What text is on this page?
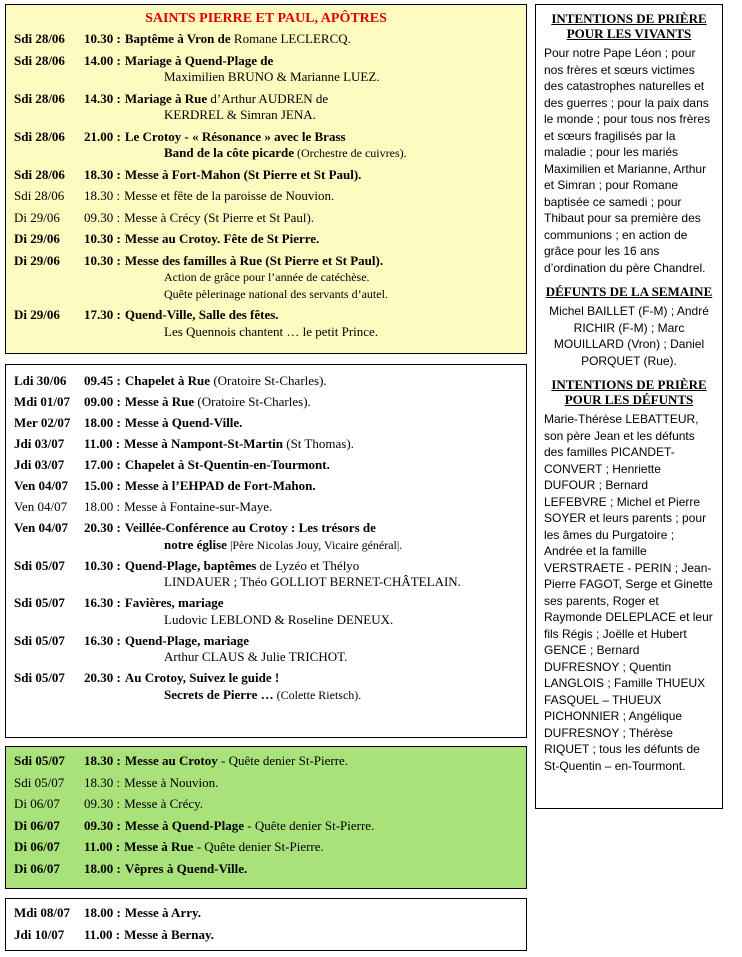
SAINTS PIERRE ET PAUL, APÔTRES
Sdi 28/06 10.30 : Baptême à Vron de Romane LECLERCQ.
Sdi 28/06 14.00 : Mariage à Quend-Plage de
Maximilien BRUNO & Marianne LUEZ.
Sdi 28/06 14.30 : Mariage à Rue d’Arthur AUDREN de
KERDREL & Simran JENA.
Sdi 28/06 21.00 : Le Crotoy - « Résonance » avec le Brass
Band de la côte picarde (Orchestre de cuivres).
Sdi 28/06 18.30 : Messe à Fort-Mahon (St Pierre et St Paul).
Sdi 28/06 18.30 : Messe et fête de la paroisse de Nouvion.
Di 29/06 09.30 : Messe à Crécy (St Pierre et St Paul).
Di 29/06 10.30 : Messe au Crotoy. Fête de St Pierre.
Di 29/06 10.30 : Messe des familles à Rue (St Pierre et St Paul).
Action de grâce pour l’année de catéchèse.
Quête pèlerinage national des servants d’autel.
Di 29/06 17.30 : Quend-Ville, Salle des fêtes.
Les Quennois chantent … le petit Prince.
Ldi 30/06 09.45 : Chapelet à Rue (Oratoire St-Charles).
Mdi 01/07 09.00 : Messe à Rue (Oratoire St-Charles).
Mer 02/07 18.00 : Messe à Quend-Ville.
Jdi 03/07 11.00 : Messe à Nampont-St-Martin (St Thomas).
Jdi 03/07 17.00 : Chapelet à St-Quentin-en-Tourmont.
Ven 04/07 15.00 : Messe à l’EHPAD de Fort-Mahon.
Ven 04/07 18.00 : Messe à Fontaine-sur-Maye.
Ven 04/07 20.30 : Veillée-Conférence au Crotoy : Les trésors de
notre église |Père Nicolas Jouy, Vicaire général|.
Sdi 05/07 10.30 : Quend-Plage, baptêmes de Lyzéo et Thélyo
LINDAUER ; Théo GOLLIOT BERNET-CHÂTELAIN.
Sdi 05/07 16.30 : Favières, mariage
Ludovic LEBLOND & Roseline DENEUX.
Sdi 05/07 16.30 : Quend-Plage, mariage
Arthur CLAUS & Julie TRICHOT.
Sdi 05/07 20.30 : Au Crotoy, Suivez le guide !
Secrets de Pierre … (Colette Rietsch).
Sdi 05/07 18.30 : Messe au Crotoy - Quête denier St-Pierre.
Sdi 05/07 18.30 : Messe à Nouvion.
Di 06/07 09.30 : Messe à Crécy.
Di 06/07 09.30 : Messe à Quend-Plage - Quête denier St-Pierre.
Di 06/07 11.00 : Messe à Rue - Quête denier St-Pierre.
Di 06/07 18.00 : Vêpres à Quend-Ville.
Mdi 08/07 18.00 : Messe à Arry.
Jdi 10/07 11.00 : Messe à Bernay.
INTENTIONS DE PRIÈRE
POUR LES VIVANTS
Pour notre Pape Léon ; pour nos frères et sœurs victimes des catastrophes naturelles et des guerres ; pour la paix dans le monde ; pour tous nos frères et sœurs fragilisés par la maladie ; pour les mariés Maximilien et Marianne, Arthur et Simran ; pour Romane baptisée ce samedi ; pour Thibaut pour sa première des communions ; en action de grâce pour les 16 ans d’ordination du père Chandrel.
DÉFUNTS DE LA SEMAINE
Michel BAILLET (F-M) ; André RICHIR (F-M) ; Marc MOUILLARD (Vron) ; Daniel PORQUET (Rue).
INTENTIONS DE PRIÈRE
POUR LES DÉFUNTS
Marie-Thérèse LEBATTEUR, son père Jean et les défunts des familles PICANDET-CONVERT ; Henriette DUFOUR ; Bernard LEFEBVRE ; Michel et Pierre SOYER et leurs parents ; pour les âmes du Purgatoire ; Andrée et la famille VERSTRAETE - PERIN ; Jean-Pierre FAGOT, Serge et Ginette ses parents, Roger et Raymonde DELEPLACE et leur fils Régis ; Joëlle et Hubert GENCE ; Bernard DUFRESNOY ; Quentin LANGLOIS ; Famille THUEUX FASQUEL – THUEUX PICHONNIER ; Angélique DUFRESNOY ; Thérèse RIQUET ; tous les défunts de St-Quentin – en-Tourmont.
